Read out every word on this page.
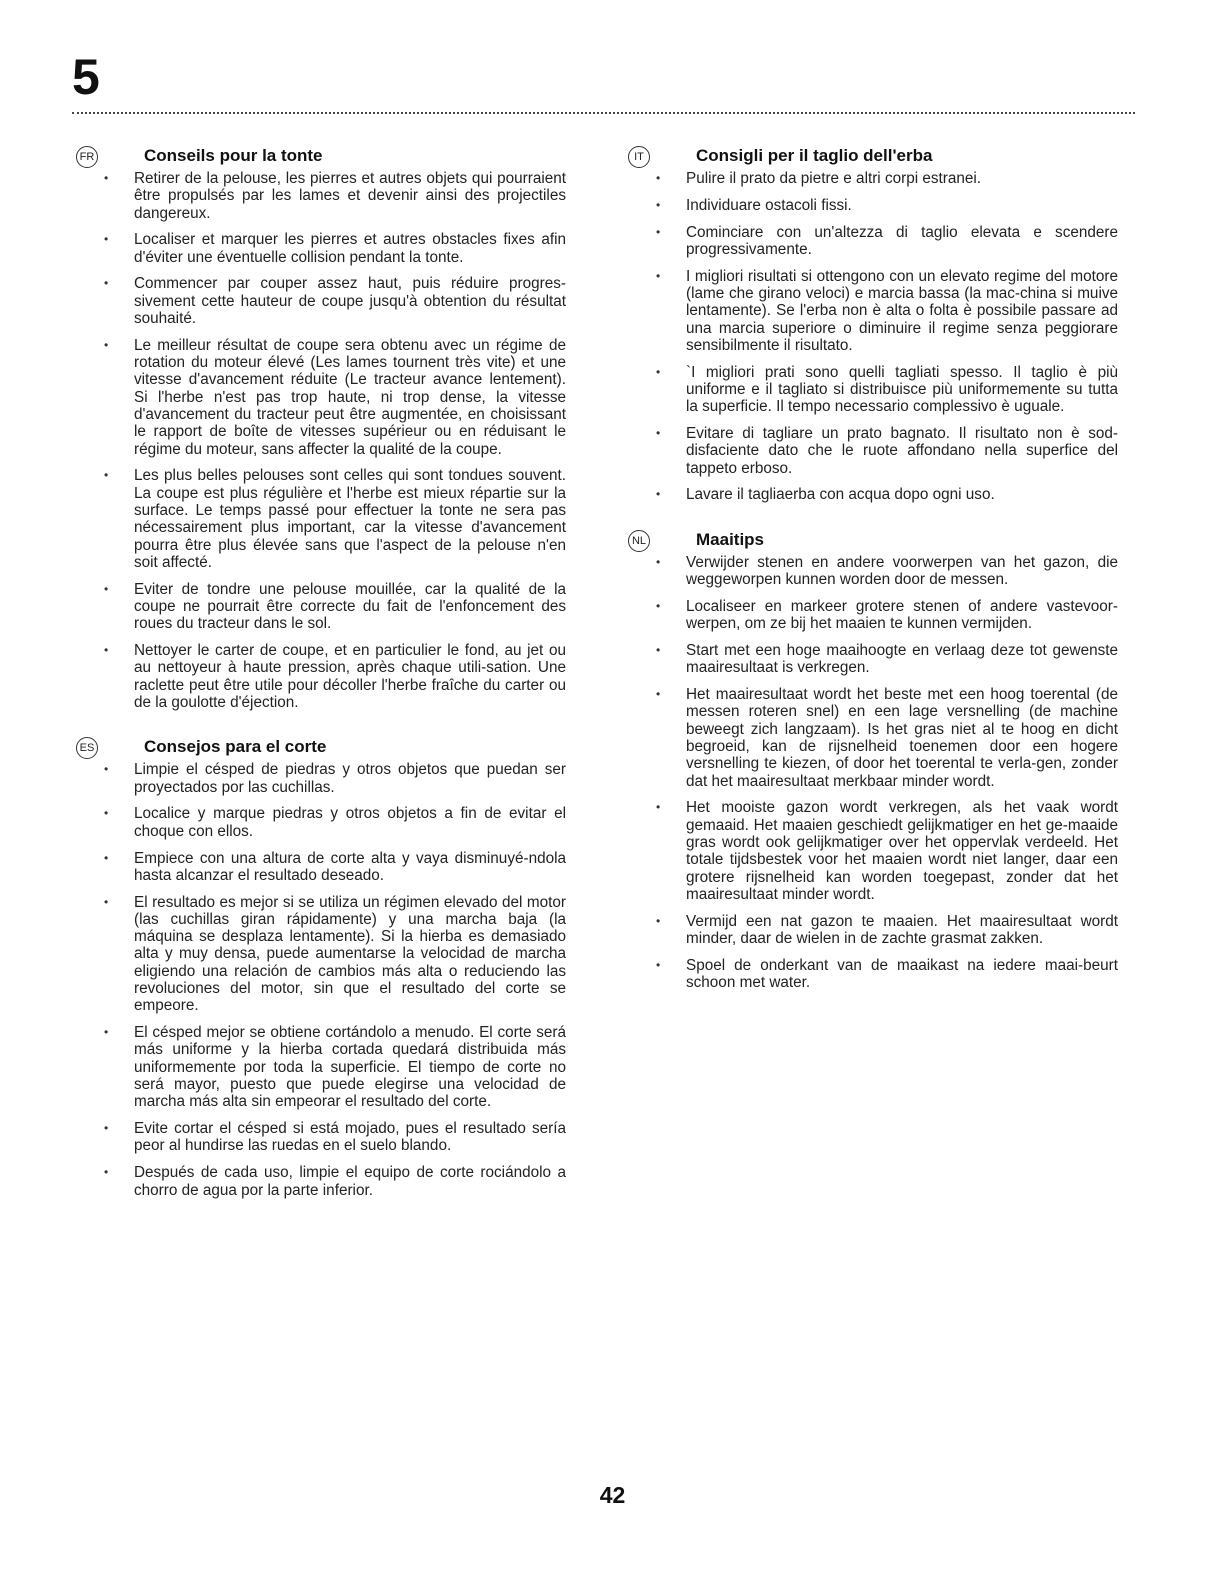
5
FR	Conseils pour la tonte
• Retirer de la pelouse, les pierres et autres objets qui pourraient être propulsés par les lames et devenir ainsi des projectiles dangereux.
• Localiser et marquer les pierres et autres obstacles fixes afin d'éviter une éventuelle collision pendant la tonte.
• Commencer par couper assez haut, puis réduire progres-sivement cette hauteur de coupe jusqu'à obtention du résultat souhaité.
• Le meilleur résultat de coupe sera obtenu avec un régime de rotation du moteur élevé (Les lames tournent très vite) et une vitesse d'avancement réduite (Le tracteur avance lentement). Si l'herbe n'est pas trop haute, ni trop dense, la vitesse d'avancement du tracteur peut être augmentée, en choisissant le rapport de boîte de vitesses supérieur ou en réduisant le régime du moteur, sans affecter la qualité de la coupe.
• Les plus belles pelouses sont celles qui sont tondues souvent. La coupe est plus régulière et l'herbe est mieux répartie sur la surface. Le temps passé pour effectuer la tonte ne sera pas nécessairement plus important, car la vitesse d'avancement pourra être plus élevée sans que l'aspect de la pelouse n'en soit affecté.
• Eviter de tondre une pelouse mouillée, car la qualité de la coupe ne pourrait être correcte du fait de l'enfoncement des roues du tracteur dans le sol.
• Nettoyer le carter de coupe, et en particulier le fond, au jet ou au nettoyeur à haute pression, après chaque utili-sation. Une raclette peut être utile pour décoller l'herbe fraîche du carter ou de la goulotte d'éjection.
ES	Consejos para el corte
• Limpie el césped de piedras y otros objetos que puedan ser proyectados por las cuchillas.
• Localice y marque piedras y otros objetos a fin de evitar el choque con ellos.
• Empiece con una altura de corte alta y vaya disminuyé-ndola hasta alcanzar el resultado deseado.
• El resultado es mejor si se utiliza un régimen elevado del motor (las cuchillas giran rápidamente) y una marcha baja (la máquina se desplaza lentamente). Si la hierba es demasiado alta y muy densa, puede aumentarse la velocidad de marcha eligiendo una relación de cambios más alta o reduciendo las revoluciones del motor, sin que el resultado del corte se empeore.
• El césped mejor se obtiene cortándolo a menudo. El corte será más uniforme y la hierba cortada quedará distribuida más uniformemente por toda la superficie. El tiempo de corte no será mayor, puesto que puede elegirse una velocidad de marcha más alta sin empeorar el resultado del corte.
• Evite cortar el césped si está mojado, pues el resultado sería peor al hundirse las ruedas en el suelo blando.
• Después de cada uso, limpie el equipo de corte rociándolo a chorro de agua por la parte inferior.
IT	Consigli per il taglio dell'erba
• Pulire il prato da pietre e altri corpi estranei.
• Individuare ostacoli fissi.
• Cominciare con un'altezza di taglio elevata e scendere progressivamente.
• I migliori risultati si ottengono con un elevato regime del motore (lame che girano veloci) e marcia bassa (la mac-china si muive lentamente). Se l'erba non è alta o folta è possibile passare ad una marcia superiore o diminuire il regime senza peggiorare sensibilmente il risultato.
• `I migliori prati sono quelli tagliati spesso. Il taglio è più uniforme e il tagliato si distribuisce più uniformemente su tutta la superficie. Il tempo necessario complessivo è uguale.
• Evitare di tagliare un prato bagnato. Il risultato non è sod-disfaciente dato che le ruote affondano nella superfice del tappeto erboso.
• Lavare il tagliaerba con acqua dopo ogni uso.
NL	Maaitips
• Verwijder stenen en andere voorwerpen van het gazon, die weggeworpen kunnen worden door de messen.
• Localiseer en markeer grotere stenen of andere vastevoor-werpen, om ze bij het maaien te kunnen vermijden.
• Start met een hoge maaihoogte en verlaag deze tot gewenste maairesultaat is verkregen.
• Het maairesultaat wordt het beste met een hoog toerental (de messen roteren snel) en een lage versnelling (de machine beweegt zich langzaam). Is het gras niet al te hoog en dicht begroeid, kan de rijsnelheid toenemen door een hogere versnelling te kiezen, of door het toerental te verla-gen, zonder dat het maairesultaat merkbaar minder wordt.
• Het mooiste gazon wordt verkregen, als het vaak wordt gemaaid. Het maaien geschiedt gelijkmatiger en het ge-maaide gras wordt ook gelijkmatiger over het oppervlak verdeeld. Het totale tijdsbestek voor het maaien wordt niet langer, daar een grotere rijsnelheid kan worden toegepast, zonder dat het maairesultaat minder wordt.
• Vermijd een nat gazon te maaien. Het maairesultaat wordt minder, daar de wielen in de zachte grasmat zakken.
• Spoel de onderkant van de maaikast na iedere maai-beurt schoon met water.
42
